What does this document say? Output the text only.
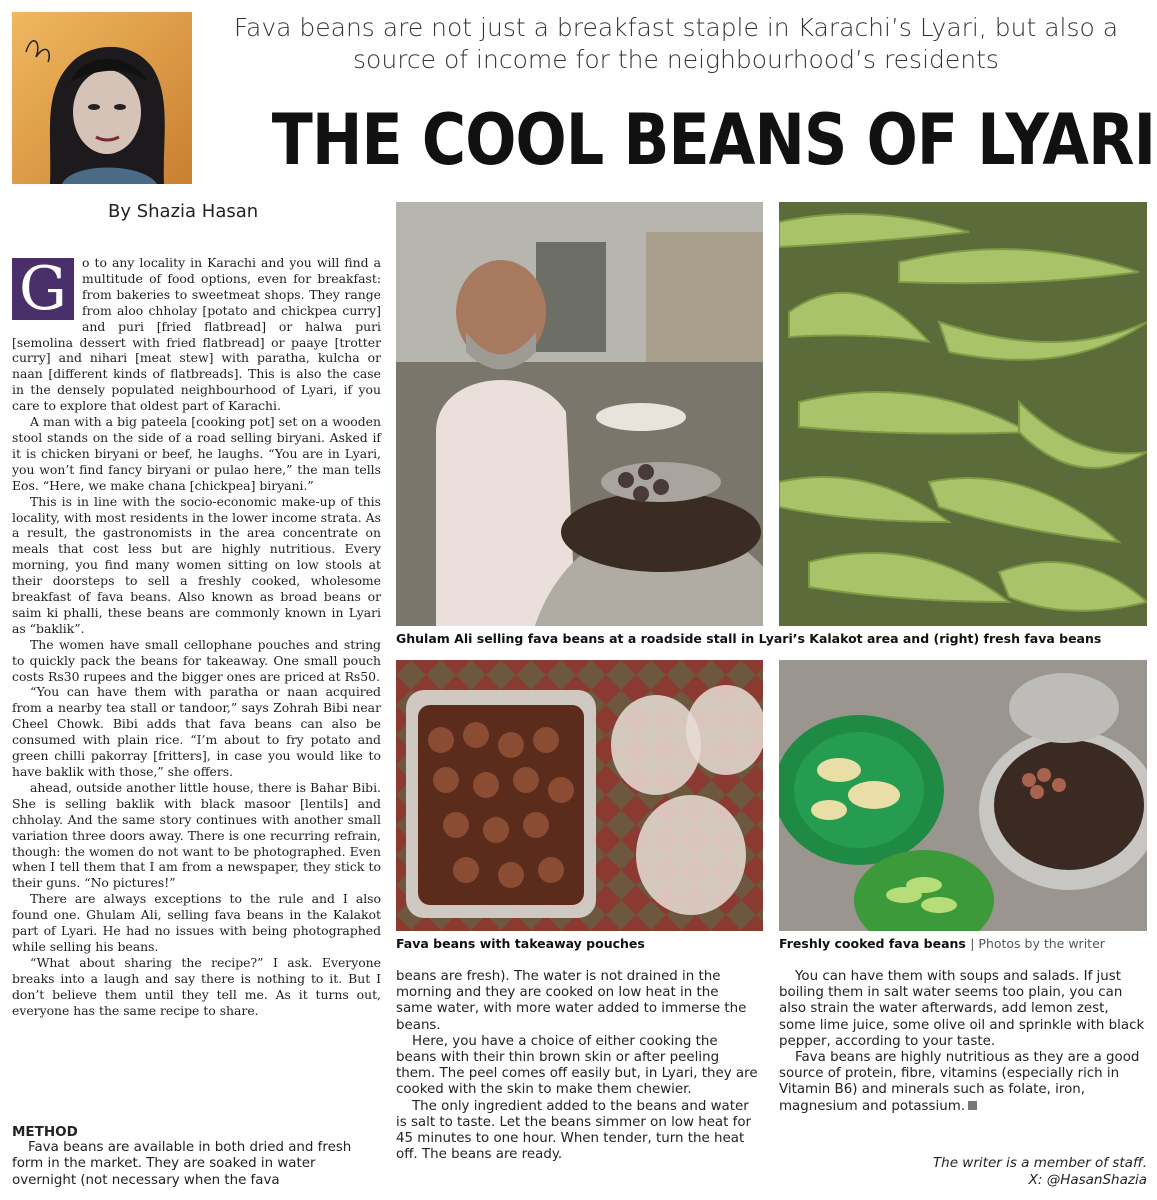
Fava beans are not just a breakfast staple in Karachi’s Lyari, but also a
source of income for the neighbourhood’s residents
THE COOL BEANS OF LYARI
By Shazia Hasan
G	o to any locality in Karachi and you will find a multitude of food options, even for breakfast: from bakeries to sweetmeat shops. They range from aloo chholay [potato and chickpea curry] and puri [fried flatbread] or halwa puri [semolina dessert with fried flatbread] or paaye [trotter curry] and nihari [meat stew] with paratha, kulcha or naan [different kinds of flatbreads]. This is also the case in the densely populated neighbourhood of Lyari, if you care to explore that oldest part of Karachi.

A man with a big pateela [cooking pot] set on a wooden stool stands on the side of a road selling biryani. Asked if it is chicken biryani or beef, he laughs. “You are in Lyari, you won’t find fancy biryani or pulao here,” the man tells Eos. “Here, we make chana [chickpea] biryani.”

This is in line with the socio-economic make-up of this locality, with most residents in the lower income strata. As a result, the gastronomists in the area concentrate on meals that cost less but are highly nutritious. Every morning, you find many women sitting on low stools at their doorsteps to sell a freshly cooked, wholesome breakfast of fava beans. Also known as broad beans or saim ki phalli, these beans are commonly known in Lyari as “baklik”.

The women have small cellophane pouches and string to quickly pack the beans for takeaway. One small pouch costs Rs30 rupees and the bigger ones are priced at Rs50.

“You can have them with paratha or naan acquired from a nearby tea stall or tandoor,” says Zohrah Bibi near Cheel Chowk. Bibi adds that fava beans can also be consumed with plain rice. “I’m about to fry potato and green chilli pakorray [fritters], in case you would like to have baklik with those,” she offers.

ahead, outside another little house, there is Bahar Bibi. She is selling baklik with black masoor [lentils] and chholay. And the same story continues with another small variation three doors away. There is one recurring refrain, though: the women do not want to be photographed. Even when I tell them that I am from a newspaper, they stick to their guns. “No pictures!”

There are always exceptions to the rule and I also found one. Ghulam Ali, selling fava beans in the Kalakot part of Lyari. He had no issues with being photographed while selling his beans.

“What about sharing the recipe?” I ask. Everyone breaks into a laugh and say there is nothing to it. But I don’t believe them until they tell me. As it turns out, everyone has the same recipe to share.

METHOD

Fava beans are available in both dried and fresh form in the market. They are soaked in water overnight (not necessary when the fava

Ghulam Ali selling fava beans at a roadside stall in Lyari’s Kalakot area and (right) fresh fava beans
Fava beans with takeaway pouches	Freshly cooked fava beans | Photos by the writer

beans are fresh). The water is not drained in the morning and they are cooked on low heat in the same water, with more water added to immerse the beans.

Here, you have a choice of either cooking the beans with their thin brown skin or after peeling them. The peel comes off easily but, in Lyari, they are cooked with the skin to make them chewier.

The only ingredient added to the beans and water is salt to taste. Let the beans simmer on low heat for 45 minutes to one hour. When tender, turn the heat off. The beans are ready.

You can have them with soups and salads. If just boiling them in salt water seems too plain, you can also strain the water afterwards, add lemon zest, some lime juice, some olive oil and sprinkle with black pepper, according to your taste.

Fava beans are highly nutritious as they are a good source of protein, fibre, vitamins (especially rich in Vitamin B6) and minerals such as folate, iron, magnesium and potassium.

The writer is a member of staff.
X: @HasanShazia
